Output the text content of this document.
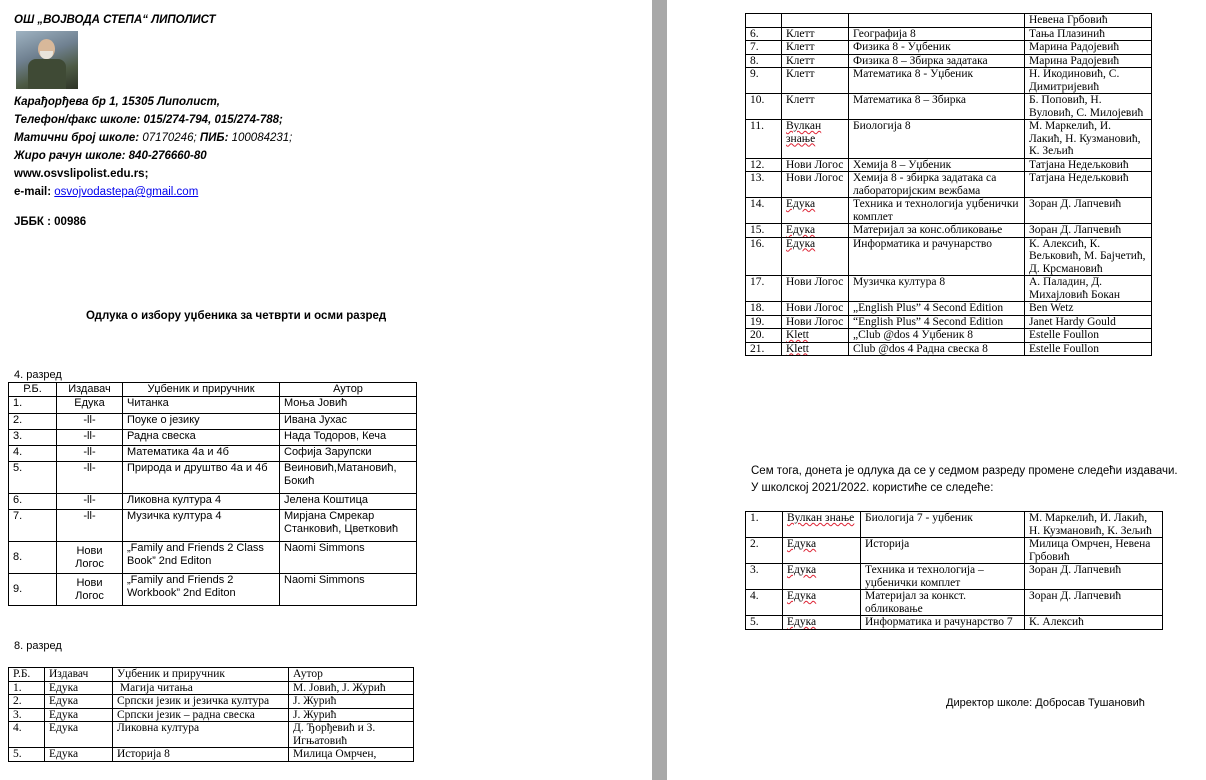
ОШ „ВОЈВОДА СТЕПА“ ЛИПОЛИСТ
Карађорђева бр 1, 15305 Липолист,
Телефон/факс школе: 015/274-794, 015/274-788;
Матични број школе: 07170246; ПИБ: 100084231;
Жиро рачун школе: 840-276660-80
www.osvslipolist.edu.rs;
e-mail: osvojvodastepa@gmail.com
ЈББК : 00986
Одлука о избору уџбеника за четврти и осми разред
4. разред
Р.Б.	Издавач	Уџбеник и приручник	Аутор
1.	Едука	Читанка	Моња Јовић
2.	-ll-	Поуке о језику	Ивана Јухас
3.	-ll-	Радна свеска	Нада Тодоров, Кеча
4.	-ll-	Математика 4а и 4б	Софија Зарупски
5.	-ll-	Природа и друштво 4а и 4б	Веиновић,Матановић, Бокић
6.	-ll-	Ликовна култура 4	Јелена Коштица
7.	-ll-	Музичка култура 4	Мирјана Смрекар Станковић, Цветковић
8.	Нови Логос	„Family and Friends 2 Class Book” 2nd Editon	Naomi Simmons
9.	Нови Логос	„Family and Friends 2 Workbook” 2nd Editon	Naomi Simmons
8. разред
Р.Б.	Издавач	Уџбеник и приручник	Аутор
1.	Едука	Магија читања	М. Јовић, Ј. Журић
2.	Едука	Српски језик и језичка култура	Ј. Журић
3.	Едука	Српски језик – радна свеска	Ј. Журић
4.	Едука	Ликовна култура	Д. Ђорђевић и З. Игњатовић
5.	Едука	Историја 8	Милица Омрчен,
			Невена Грбовић
6.	Клетт	Географија 8	Тања Плазинић
7.	Клетт	Физика 8 - Уџбеник	Марина Радојевић
8.	Клетт	Физика 8 – Збирка задатака	Марина Радојевић
9.	Клетт	Математика 8 - Уџбеник	Н. Икодиновић, С. Димитријевић
10.	Клетт	Математика 8 – Збирка	Б. Поповић, Н. Вуловић, С. Милојевић
11.	Вулкан знање	Биологија 8	М. Маркелић, И. Лакић, Н. Кузмановић, К. Зељић
12.	Нови Логос	Хемија 8 – Уџбеник	Татјана Недељковић
13.	Нови Логос	Хемија 8 - збирка задатака са лабораторијским вежбама	Татјана Недељковић
14.	Едука	Техника и технологија уџбенички комплет	Зоран Д. Лапчевић
15.	Едука	Материјал за конс.обликовање	Зоран Д. Лапчевић
16.	Едука	Информатика и рачунарство	К. Алексић, К. Вељковић, М. Бајчетић, Д. Крсмановић
17.	Нови Логос	Музичка култура 8	А. Паладин, Д. Михајловић Бокан
18.	Нови Логос	„English Plus” 4 Second Edition	Ben Wetz
19.	Нови Логос	“English Plus” 4 Second Edition	Janet Hardy Gould
20.	Klett	„Club @dos 4 Уџбеник 8	Estelle Foullon
21.	Klett	Club @dos 4 Радна свеска 8	Estelle Foullon
Сем тога, донета је одлука да се у седмом разреду промене следећи издавачи.
У школској 2021/2022. користиће се следеће:
1.	Вулкан знање	Биологија 7 - уџбеник	М. Маркелић, И. Лакић, Н. Кузмановић, К. Зељић
2.	Едука	Историја	Милица Омрчен, Невена Грбовић
3.	Едука	Техника и технологија – уџбенички комплет	Зоран Д. Лапчевић
4.	Едука	Материјал за конкст. обликовање	Зоран Д. Лапчевић
5.	Едука	Информатика и рачунарство 7	К. Алексић
Директор школе: Добросав Тушановић
